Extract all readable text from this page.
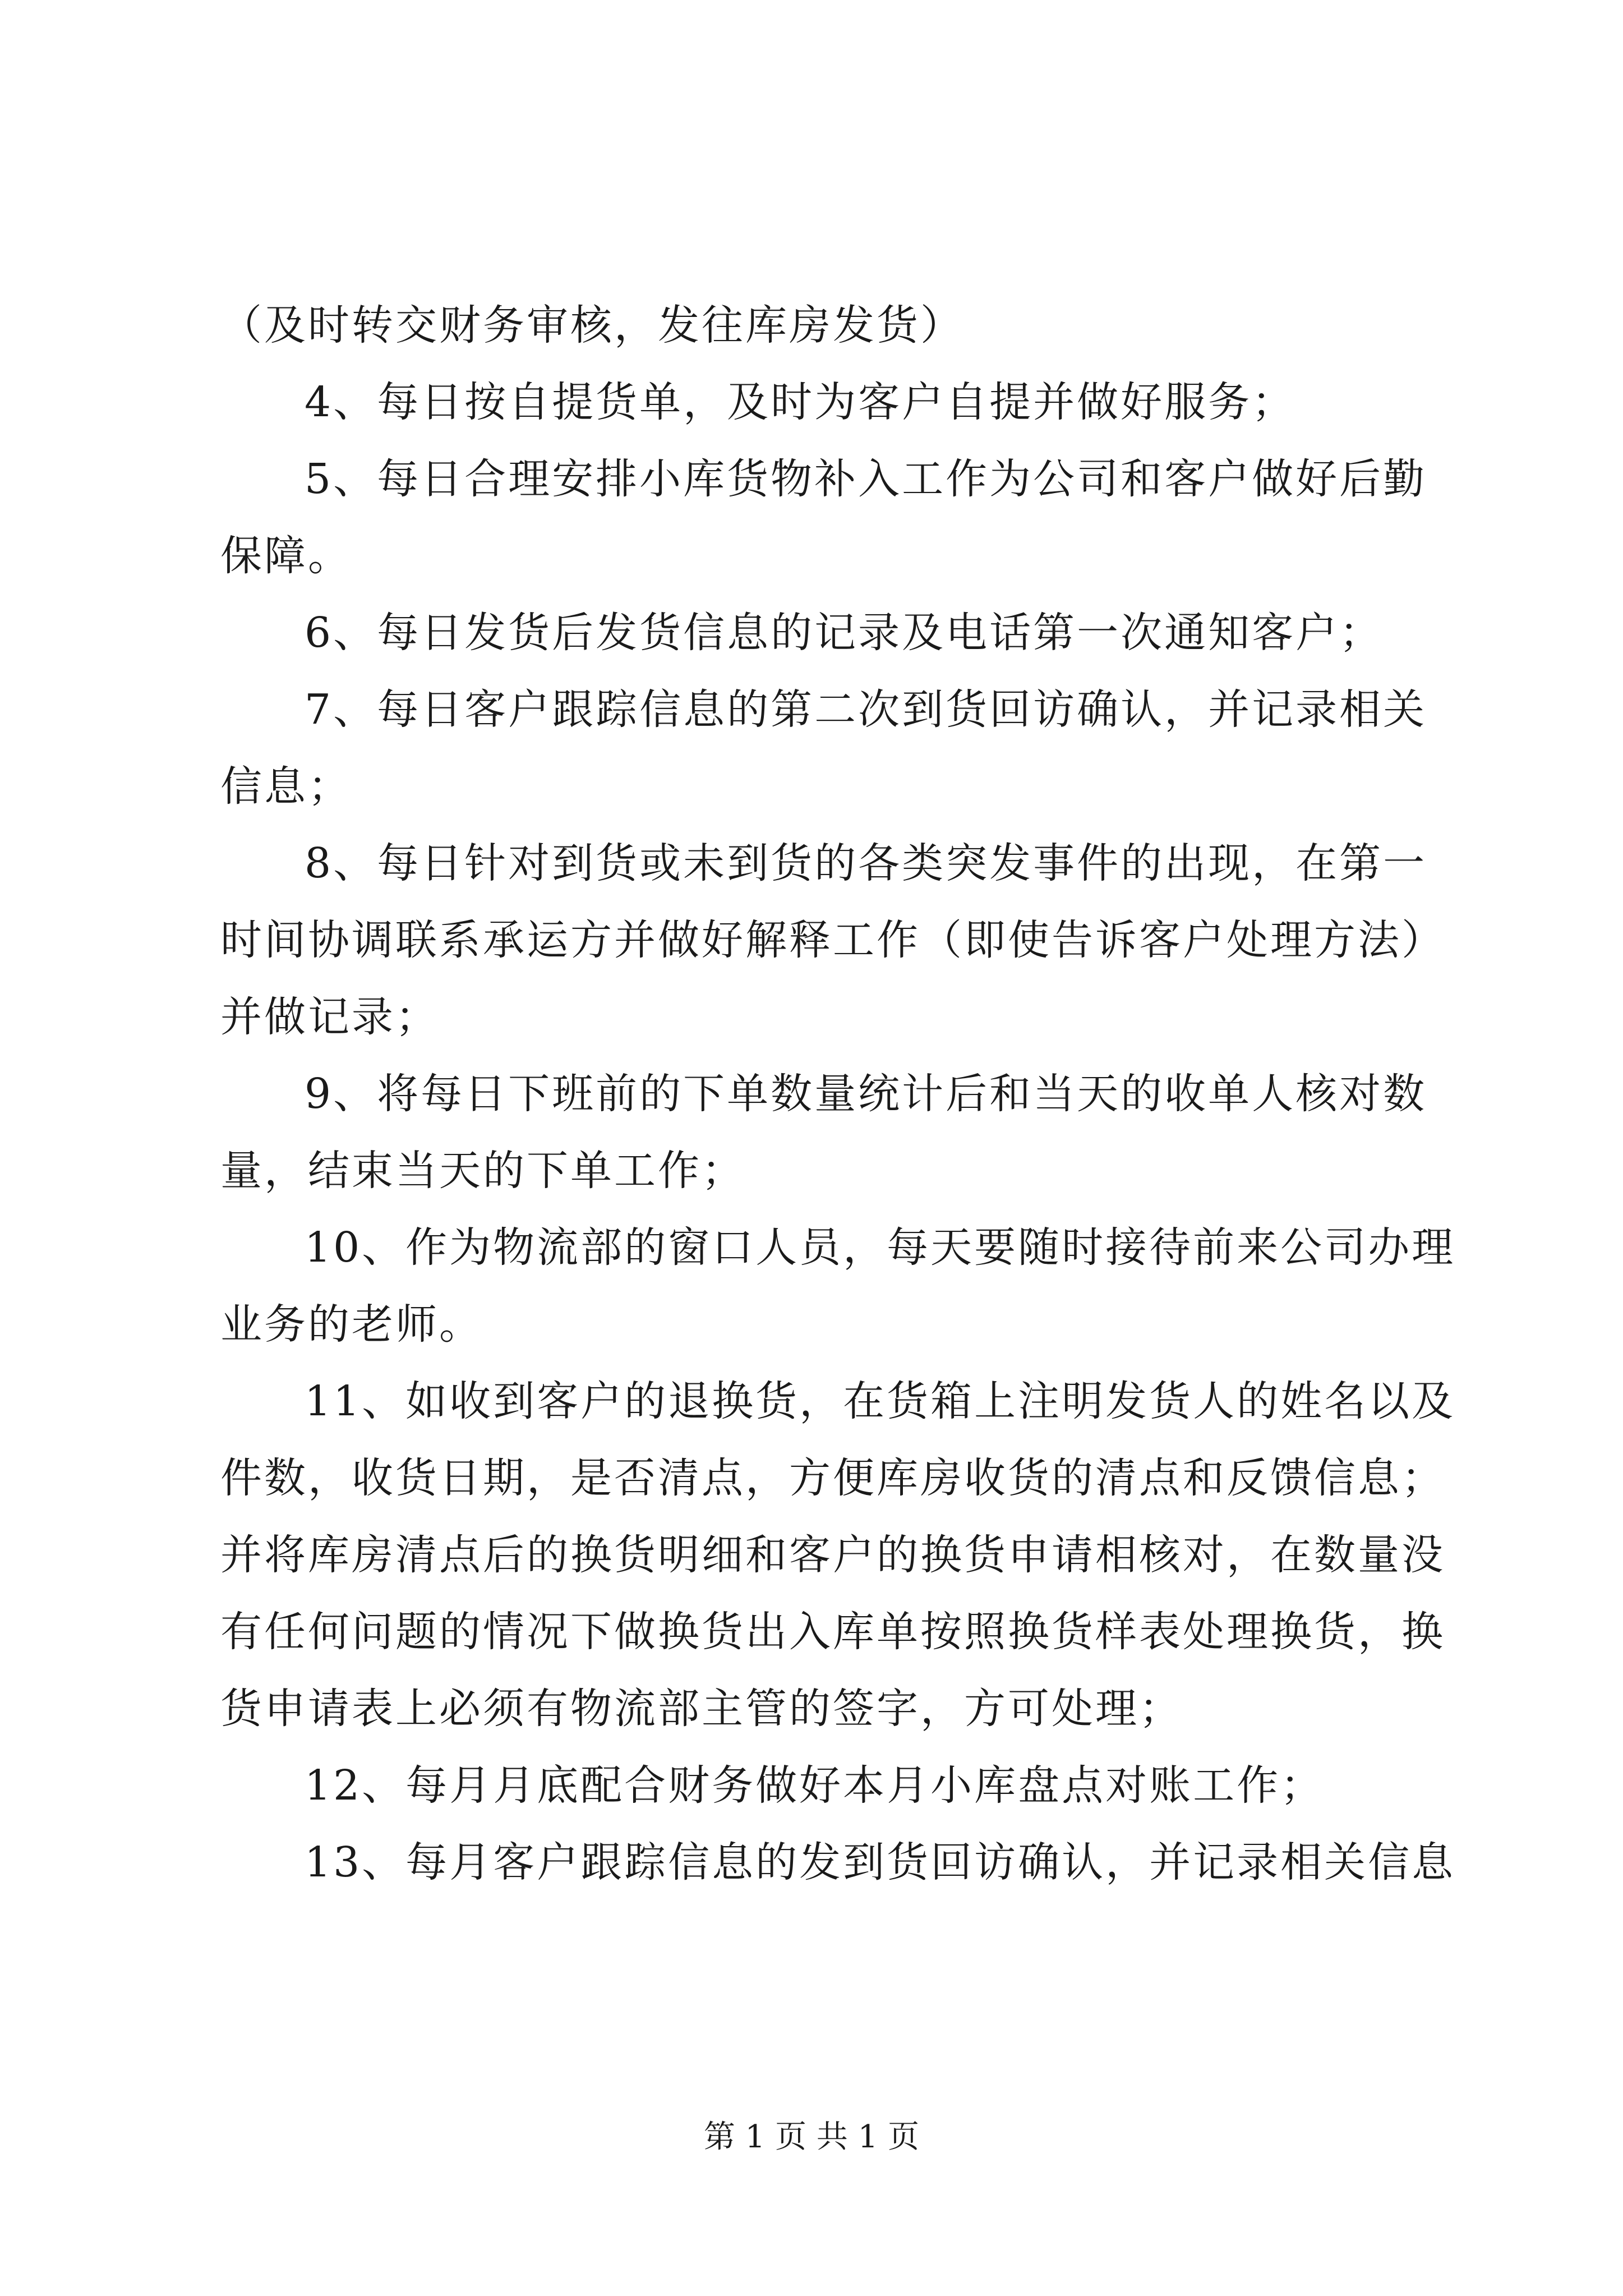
（及时转交财务审核，发往库房发货）
4、每日按自提货单，及时为客户自提并做好服务；
5、每日合理安排小库货物补入工作为公司和客户做好后勤
保障。
6、每日发货后发货信息的记录及电话第一次通知客户；
7、每日客户跟踪信息的第二次到货回访确认，并记录相关
信息；
8、每日针对到货或未到货的各类突发事件的出现，在第一
时间协调联系承运方并做好解释工作（即使告诉客户处理方法）
并做记录；
9、将每日下班前的下单数量统计后和当天的收单人核对数
量，结束当天的下单工作；
10、作为物流部的窗口人员，每天要随时接待前来公司办理
业务的老师。
11、如收到客户的退换货，在货箱上注明发货人的姓名以及
件数，收货日期，是否清点，方便库房收货的清点和反馈信息；
并将库房清点后的换货明细和客户的换货申请相核对，在数量没
有任何问题的情况下做换货出入库单按照换货样表处理换货，换
货申请表上必须有物流部主管的签字，方可处理；
12、每月月底配合财务做好本月小库盘点对账工作；
13、每月客户跟踪信息的发到货回访确认，并记录相关信息
第 1 页 共 1 页
